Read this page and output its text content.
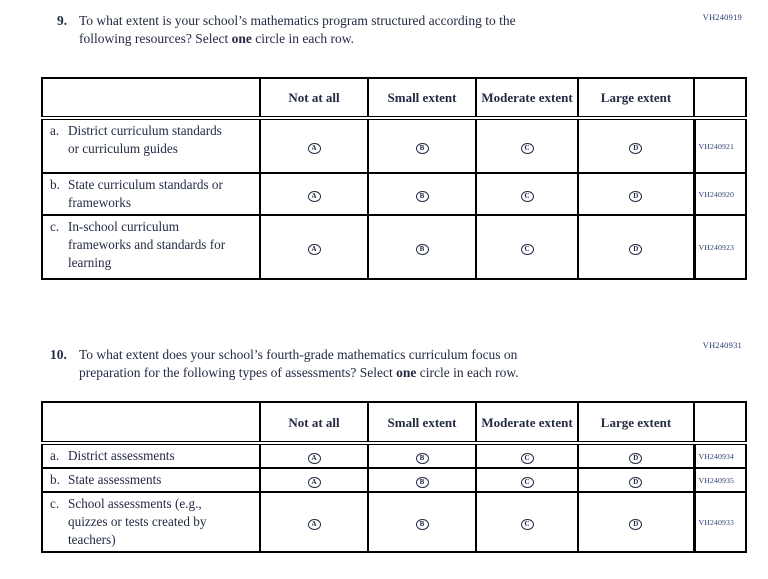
VH240919
9. To what extent is your school’s mathematics program structured according to the
following resources? Select one circle in each row.
	Not at all	Small extent	Moderate extent	Large extent	

a. District curriculum standards or curriculum guides	A	B	C	D	VH240921

b. State curriculum standards or frameworks	A	B	C	D	VH240920

c. In-school curriculum frameworks and standards for learning	A	B	C	D	VH240923
VH240931
10. To what extent does your school’s fourth-grade mathematics curriculum focus on
preparation for the following types of assessments? Select one circle in each row.
	Not at all	Small extent	Moderate extent	Large extent	

a. District assessments	A	B	C	D	VH240934

b. State assessments	A	B	C	D	VH240935

c. School assessments (e.g., quizzes or tests created by teachers)	A	B	C	D	VH240933
